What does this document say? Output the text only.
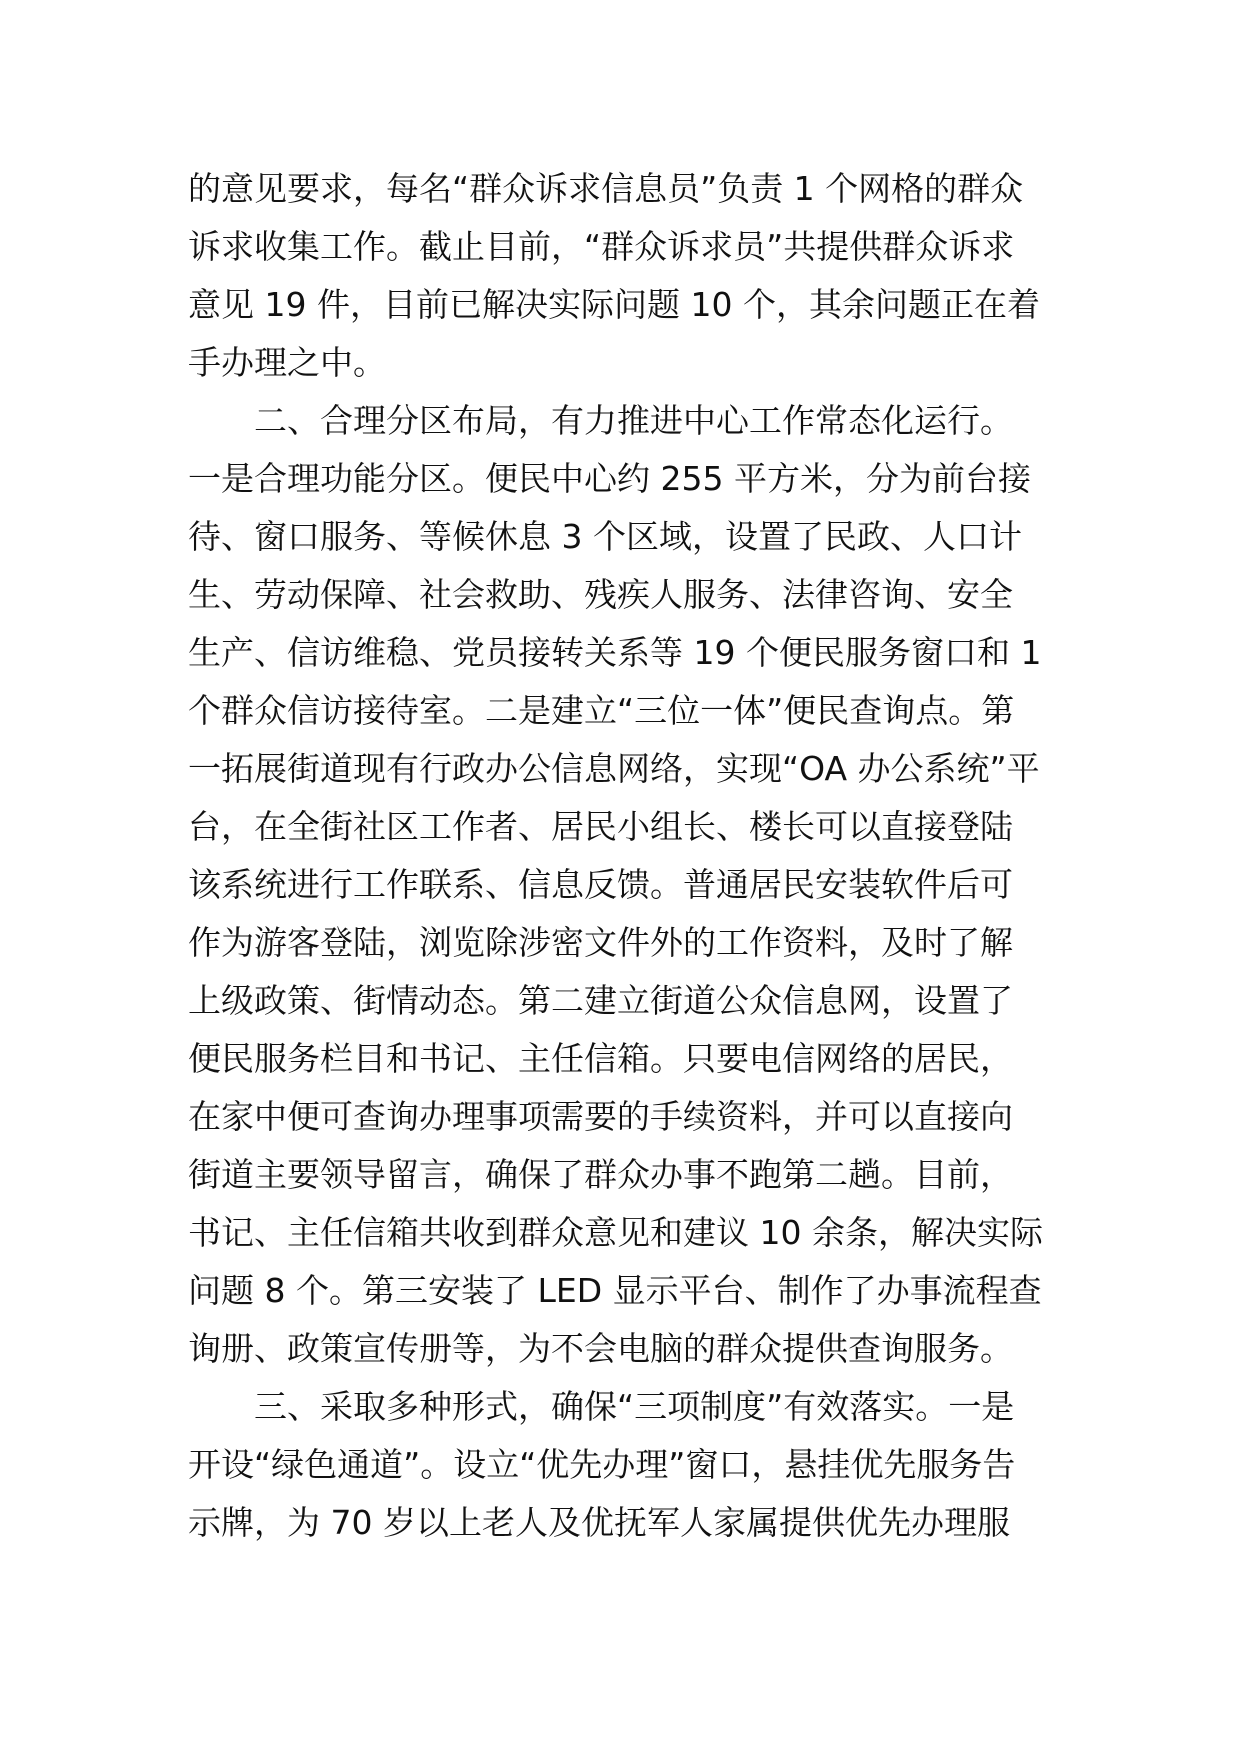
的意见要求，每名“群众诉求信息员”负责 1 个网格的群众
诉求收集工作。截止目前，“群众诉求员”共提供群众诉求
意见 19 件，目前已解决实际问题 10 个，其余问题正在着
手办理之中。
　　二、合理分区布局，有力推进中心工作常态化运行。
一是合理功能分区。便民中心约 255 平方米，分为前台接
待、窗口服务、等候休息 3 个区域，设置了民政、人口计
生、劳动保障、社会救助、残疾人服务、法律咨询、安全
生产、信访维稳、党员接转关系等 19 个便民服务窗口和 1
个群众信访接待室。二是建立“三位一体”便民查询点。第
一拓展街道现有行政办公信息网络，实现“OA 办公系统”平
台，在全街社区工作者、居民小组长、楼长可以直接登陆
该系统进行工作联系、信息反馈。普通居民安装软件后可
作为游客登陆，浏览除涉密文件外的工作资料，及时了解
上级政策、街情动态。第二建立街道公众信息网，设置了
便民服务栏目和书记、主任信箱。只要电信网络的居民，
在家中便可查询办理事项需要的手续资料，并可以直接向
街道主要领导留言，确保了群众办事不跑第二趟。目前，
书记、主任信箱共收到群众意见和建议 10 余条，解决实际
问题 8 个。第三安装了 LED 显示平台、制作了办事流程查
询册、政策宣传册等，为不会电脑的群众提供查询服务。
　　三、采取多种形式，确保“三项制度”有效落实。一是
开设“绿色通道”。设立“优先办理”窗口，悬挂优先服务告
示牌，为 70 岁以上老人及优抚军人家属提供优先办理服
